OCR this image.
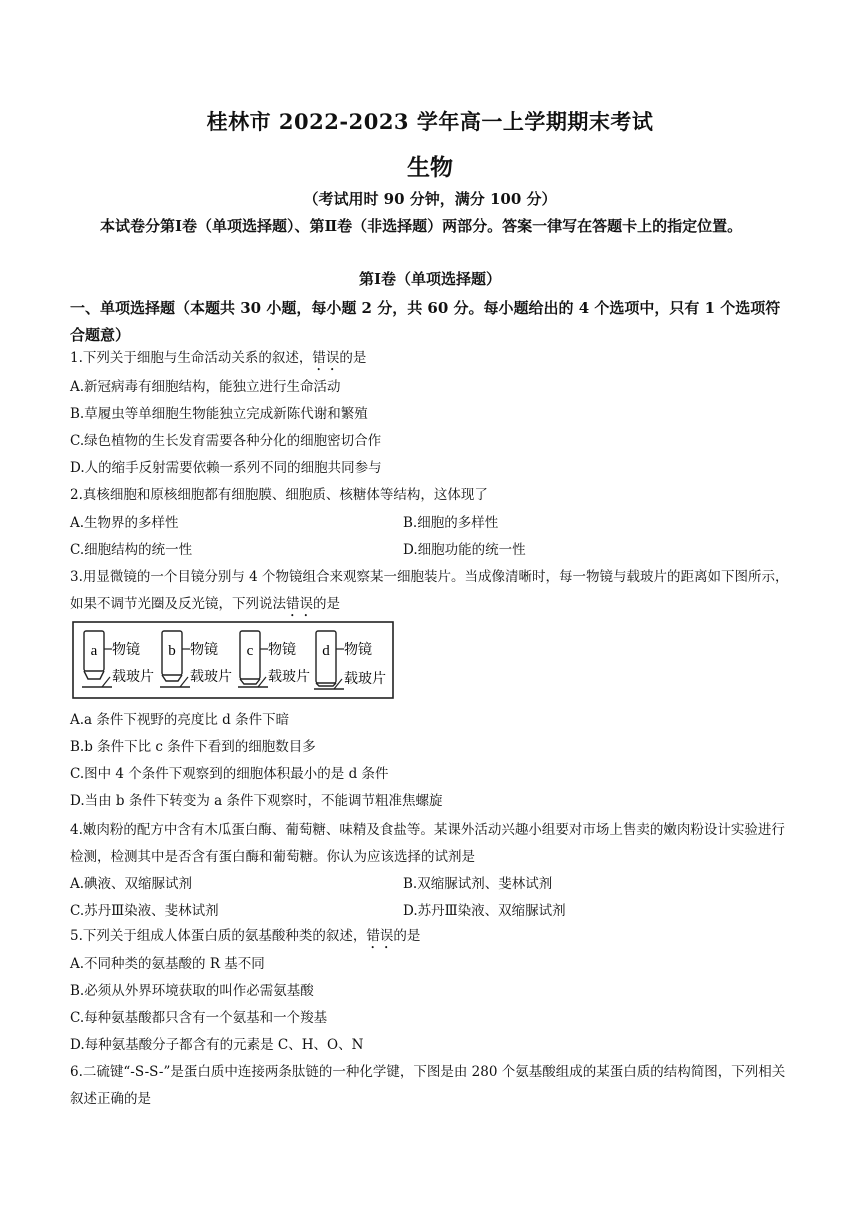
桂林市 2022-2023 学年高一上学期期末考试
生物
（考试用时 90 分钟，满分 100 分）
本试卷分第Ⅰ卷（单项选择题）、第Ⅱ卷（非选择题）两部分。答案一律写在答题卡上的指定位置。
第Ⅰ卷（单项选择题）
一、单项选择题（本题共 30 小题，每小题 2 分，共 60 分。每小题给出的 4 个选项中，只有 1 个选项符合题意）
1.下列关于细胞与生命活动关系的叙述，错误的是
A.新冠病毒有细胞结构，能独立进行生命活动
B.草履虫等单细胞生物能独立完成新陈代谢和繁殖
C.绿色植物的生长发育需要各种分化的细胞密切合作
D.人的缩手反射需要依赖一系列不同的细胞共同参与
2.真核细胞和原核细胞都有细胞膜、细胞质、核糖体等结构，这体现了
A.生物界的多样性	B.细胞的多样性
C.细胞结构的统一性	D.细胞功能的统一性
3.用显微镜的一个目镜分别与 4 个物镜组合来观察某一细胞装片。当成像清晰时，每一物镜与载玻片的距离如下图所示，如果不调节光圈及反光镜，下列说法错误的是
a 物镜
载玻片
b 物镜
载玻片
c 物镜
载玻片
d 物镜
载玻片
A.a 条件下视野的亮度比 d 条件下暗
B.b 条件下比 c 条件下看到的细胞数目多
C.图中 4 个条件下观察到的细胞体积最小的是 d 条件
D.当由 b 条件下转变为 a 条件下观察时，不能调节粗准焦螺旋
4.嫩肉粉的配方中含有木瓜蛋白酶、葡萄糖、味精及食盐等。某课外活动兴趣小组要对市场上售卖的嫩肉粉设计实验进行检测，检测其中是否含有蛋白酶和葡萄糖。你认为应该选择的试剂是
A.碘液、双缩脲试剂	B.双缩脲试剂、斐林试剂
C.苏丹Ⅲ染液、斐林试剂	D.苏丹Ⅲ染液、双缩脲试剂
5.下列关于组成人体蛋白质的氨基酸种类的叙述，错误的是
A.不同种类的氨基酸的 R 基不同
B.必须从外界环境获取的叫作必需氨基酸
C.每种氨基酸都只含有一个氨基和一个羧基
D.每种氨基酸分子都含有的元素是 C、H、O、N
6.二硫键“-S-S-”是蛋白质中连接两条肽链的一种化学键，下图是由 280 个氨基酸组成的某蛋白质的结构简图，下列相关叙述正确的是
